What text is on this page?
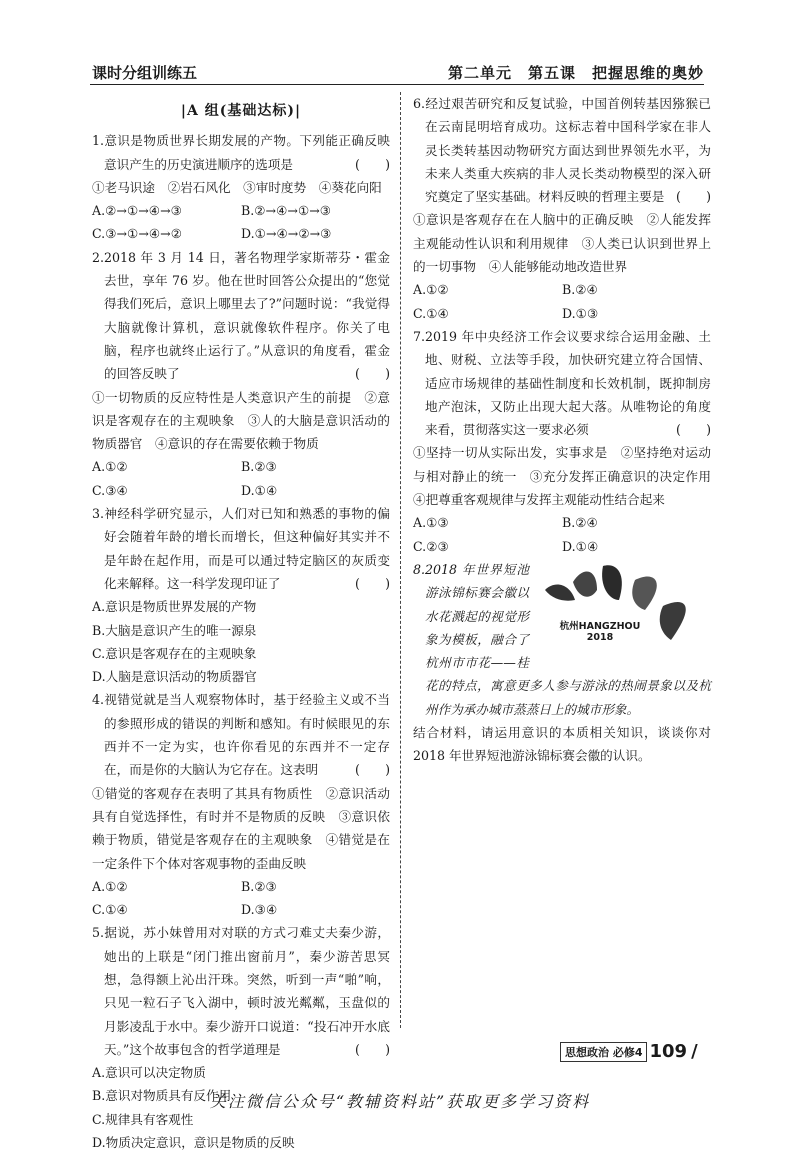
课时分组训练五	第二单元　第五课　把握思维的奥妙
|A 组(基础达标)|

1.意识是物质世界长期发展的产物。下列能正确反映意识产生的历史演进顺序的选项是	(　　)

①老马识途　②岩石风化　③审时度势　④葵花向阳

A.②→①→④→③	B.②→④→①→③
C.③→①→④→②	D.①→④→②→③

2.2018 年 3 月 14 日，著名物理学家斯蒂芬・霍金去世，享年 76 岁。他在世时回答公众提出的“您觉得我们死后，意识上哪里去了?”问题时说：“我觉得大脑就像计算机，意识就像软件程序。你关了电脑，程序也就终止运行了。”从意识的角度看，霍金的回答反映了	(　　)

①一切物质的反应特性是人类意识产生的前提　②意识是客观存在的主观映象　③人的大脑是意识活动的物质器官　④意识的存在需要依赖于物质

A.①②	B.②③
C.③④	D.①④

3.神经科学研究显示，人们对已知和熟悉的事物的偏好会随着年龄的增长而增长，但这种偏好其实并不是年龄在起作用，而是可以通过特定脑区的灰质变化来解释。这一科学发现印证了	(　　)

A.意识是物质世界发展的产物
B.大脑是意识产生的唯一源泉
C.意识是客观存在的主观映象
D.人脑是意识活动的物质器官

4.视错觉就是当人观察物体时，基于经验主义或不当的参照形成的错误的判断和感知。有时候眼见的东西并不一定为实，也许你看见的东西并不一定存在，而是你的大脑认为它存在。这表明	(　　)

①错觉的客观存在表明了其具有物质性　②意识活动具有自觉选择性，有时并不是物质的反映　③意识依赖于物质，错觉是客观存在的主观映象　④错觉是在一定条件下个体对客观事物的歪曲反映

A.①②	B.②③
C.①④	D.③④

5.据说，苏小妹曾用对对联的方式刁难丈夫秦少游，她出的上联是“闭门推出窗前月”，秦少游苦思冥想，急得额上沁出汗珠。突然，听到一声“啪”响，只见一粒石子飞入湖中，顿时波光粼粼，玉盘似的月影凌乱于水中。秦少游开口说道：“投石冲开水底天。”这个故事包含的哲学道理是	(　　)

A.意识可以决定物质
B.意识对物质具有反作用
C.规律具有客观性
D.物质决定意识，意识是物质的反映

6.经过艰苦研究和反复试验，中国首例转基因猕猴已在云南昆明培育成功。这标志着中国科学家在非人灵长类转基因动物研究方面达到世界领先水平，为未来人类重大疾病的非人灵长类动物模型的深入研究奠定了坚实基础。材料反映的哲理主要是 (　　)

①意识是客观存在在人脑中的正确反映　②人能发挥主观能动性认识和利用规律　③人类已认识到世界上的一切事物　④人能够能动地改造世界

A.①②	B.②④
C.①④	D.①③

7.2019 年中央经济工作会议要求综合运用金融、土地、财税、立法等手段，加快研究建立符合国情、适应市场规律的基础性制度和长效机制，既抑制房地产泡沫，又防止出现大起大落。从唯物论的角度来看，贯彻落实这一要求必须	(　　)

①坚持一切从实际出发，实事求是　②坚持绝对运动与相对静止的统一　③充分发挥正确意识的决定作用　④把尊重客观规律与发挥主观能动性结合起来

A.①③	B.②④
C.②③	D.①④
杭州HANGZHOU
2018

8.2018 年世界短池游泳锦标赛会徽以水花溅起的视觉形象为模板，融合了杭州市市花——桂花的特点，寓意更多人参与游泳的热闹景象以及杭州作为承办城市蒸蒸日上的城市形象。

结合材料，请运用意识的本质相关知识，谈谈你对 2018 年世界短池游泳锦标赛会徽的认识。

思想政治 必修4 109 /
关注微信公众号“教辅资料站”获取更多学习资料
